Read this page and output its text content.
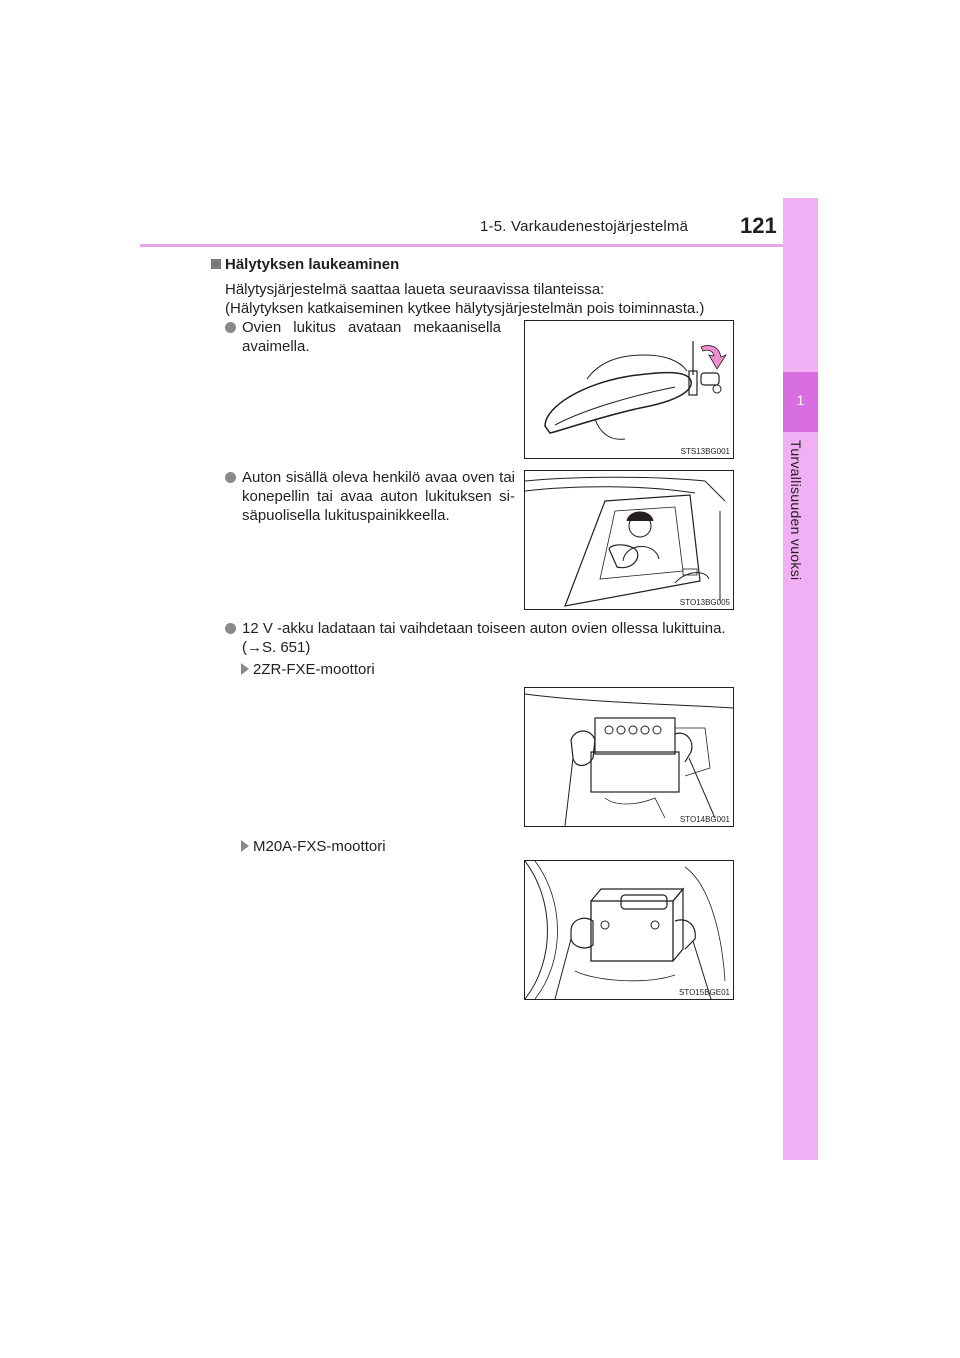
1-5. Varkaudenestojärjestelmä 121
1
Turvallisuuden vuoksi
Hälytyksen laukeaminen
Hälytysjärjestelmä saattaa laueta seuraavissa tilanteissa:
(Hälytyksen katkaiseminen kytkee hälytysjärjestelmän pois toiminnasta.)
Ovien lukitus avataan mekaanisella avaimella.
STS13BG001
Auton sisällä oleva henkilö avaa oven tai konepellin tai avaa auton lukituksen si-säpuolisella lukituspainikkeella.
STO13BG005
12 V -akku ladataan tai vaihdetaan toiseen auton ovien ollessa lukittuina.
(→S. 651)
2ZR-FXE-moottori
STO14BG001
M20A-FXS-moottori
STO15BGE01
